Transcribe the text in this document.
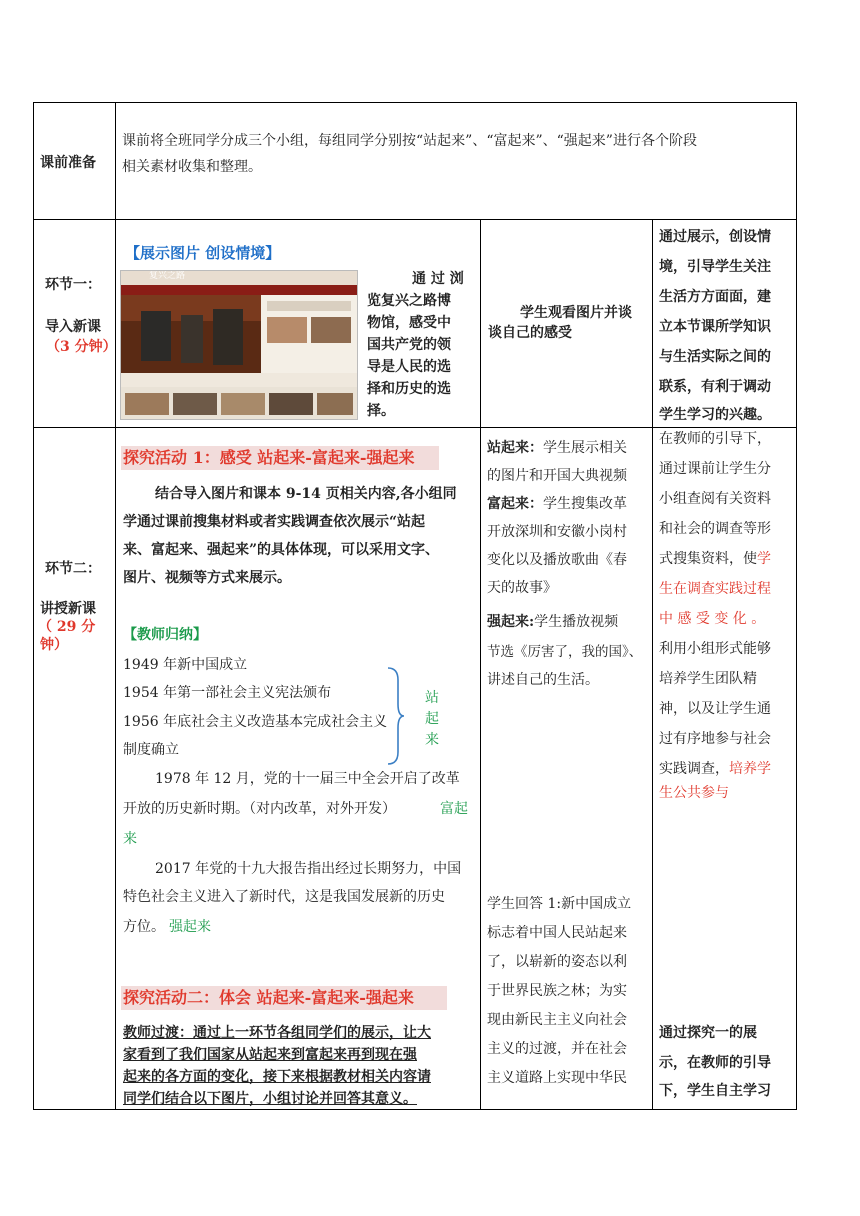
课前准备
课前将全班同学分成三个小组，每组同学分别按“站起来”、“富起来”、“强起来”进行各个阶段
相关素材收集和整理。
环节一：
导入新课
（3 分钟）
【展示图片 创设情境】
复兴之路	通 过 浏
览复兴之路博
物馆，感受中
国共产党的领
导是人民的选
择和历史的选
择。
学生观看图片并谈
谈自己的感受
通过展示，创设情
境，引导学生关注
生活方方面面，建
立本节课所学知识
与生活实际之间的
联系，有利于调动
学生学习的兴趣。
环节二：
讲授新课
（ 29 分
钟）
探究活动 1：感受 站起来-富起来-强起来
结合导入图片和课本 9-14 页相关内容,各小组同
学通过课前搜集材料或者实践调查依次展示“站起
来、富起来、强起来”的具体体现，可以采用文字、
图片、视频等方式来展示。
【教师归纳】
1949 年新中国成立
1954 年第一部社会主义宪法颁布
1956 年底社会主义改造基本完成社会主义
制度确立
站
起
来
1978 年 12 月，党的十一届三中全会开启了改革
开放的历史新时期。（对内改革，对外开发）	富起
来
2017 年党的十九大报告指出经过长期努力，中国
特色社会主义进入了新时代，这是我国发展新的历史
方位。 强起来
探究活动二：体会 站起来-富起来-强起来
教师过渡：通过上一环节各组同学们的展示，让大
家看到了我们国家从站起来到富起来再到现在强
起来的各方面的变化，接下来根据教材相关内容请
同学们结合以下图片，小组讨论并回答其意义。
站起来：学生展示相关
的图片和开国大典视频
富起来：学生搜集改革
开放深圳和安徽小岗村
变化以及播放歌曲《春
天的故事》
强起来:学生播放视频
节选《厉害了，我的国》、
讲述自己的生活。
学生回答 1:新中国成立
标志着中国人民站起来
了，以崭新的姿态以利
于世界民族之林；为实
现由新民主主义向社会
主义的过渡，并在社会
主义道路上实现中华民
在教师的引导下，
通过课前让学生分
小组查阅有关资料
和社会的调查等形
式搜集资料，使学
生在调查实践过程
中 感 受 变 化 。
利用小组形式能够
培养学生团队精
神，以及让学生通
过有序地参与社会
实践调查，培养学
生公共参与
通过探究一的展
示，在教师的引导
下，学生自主学习
